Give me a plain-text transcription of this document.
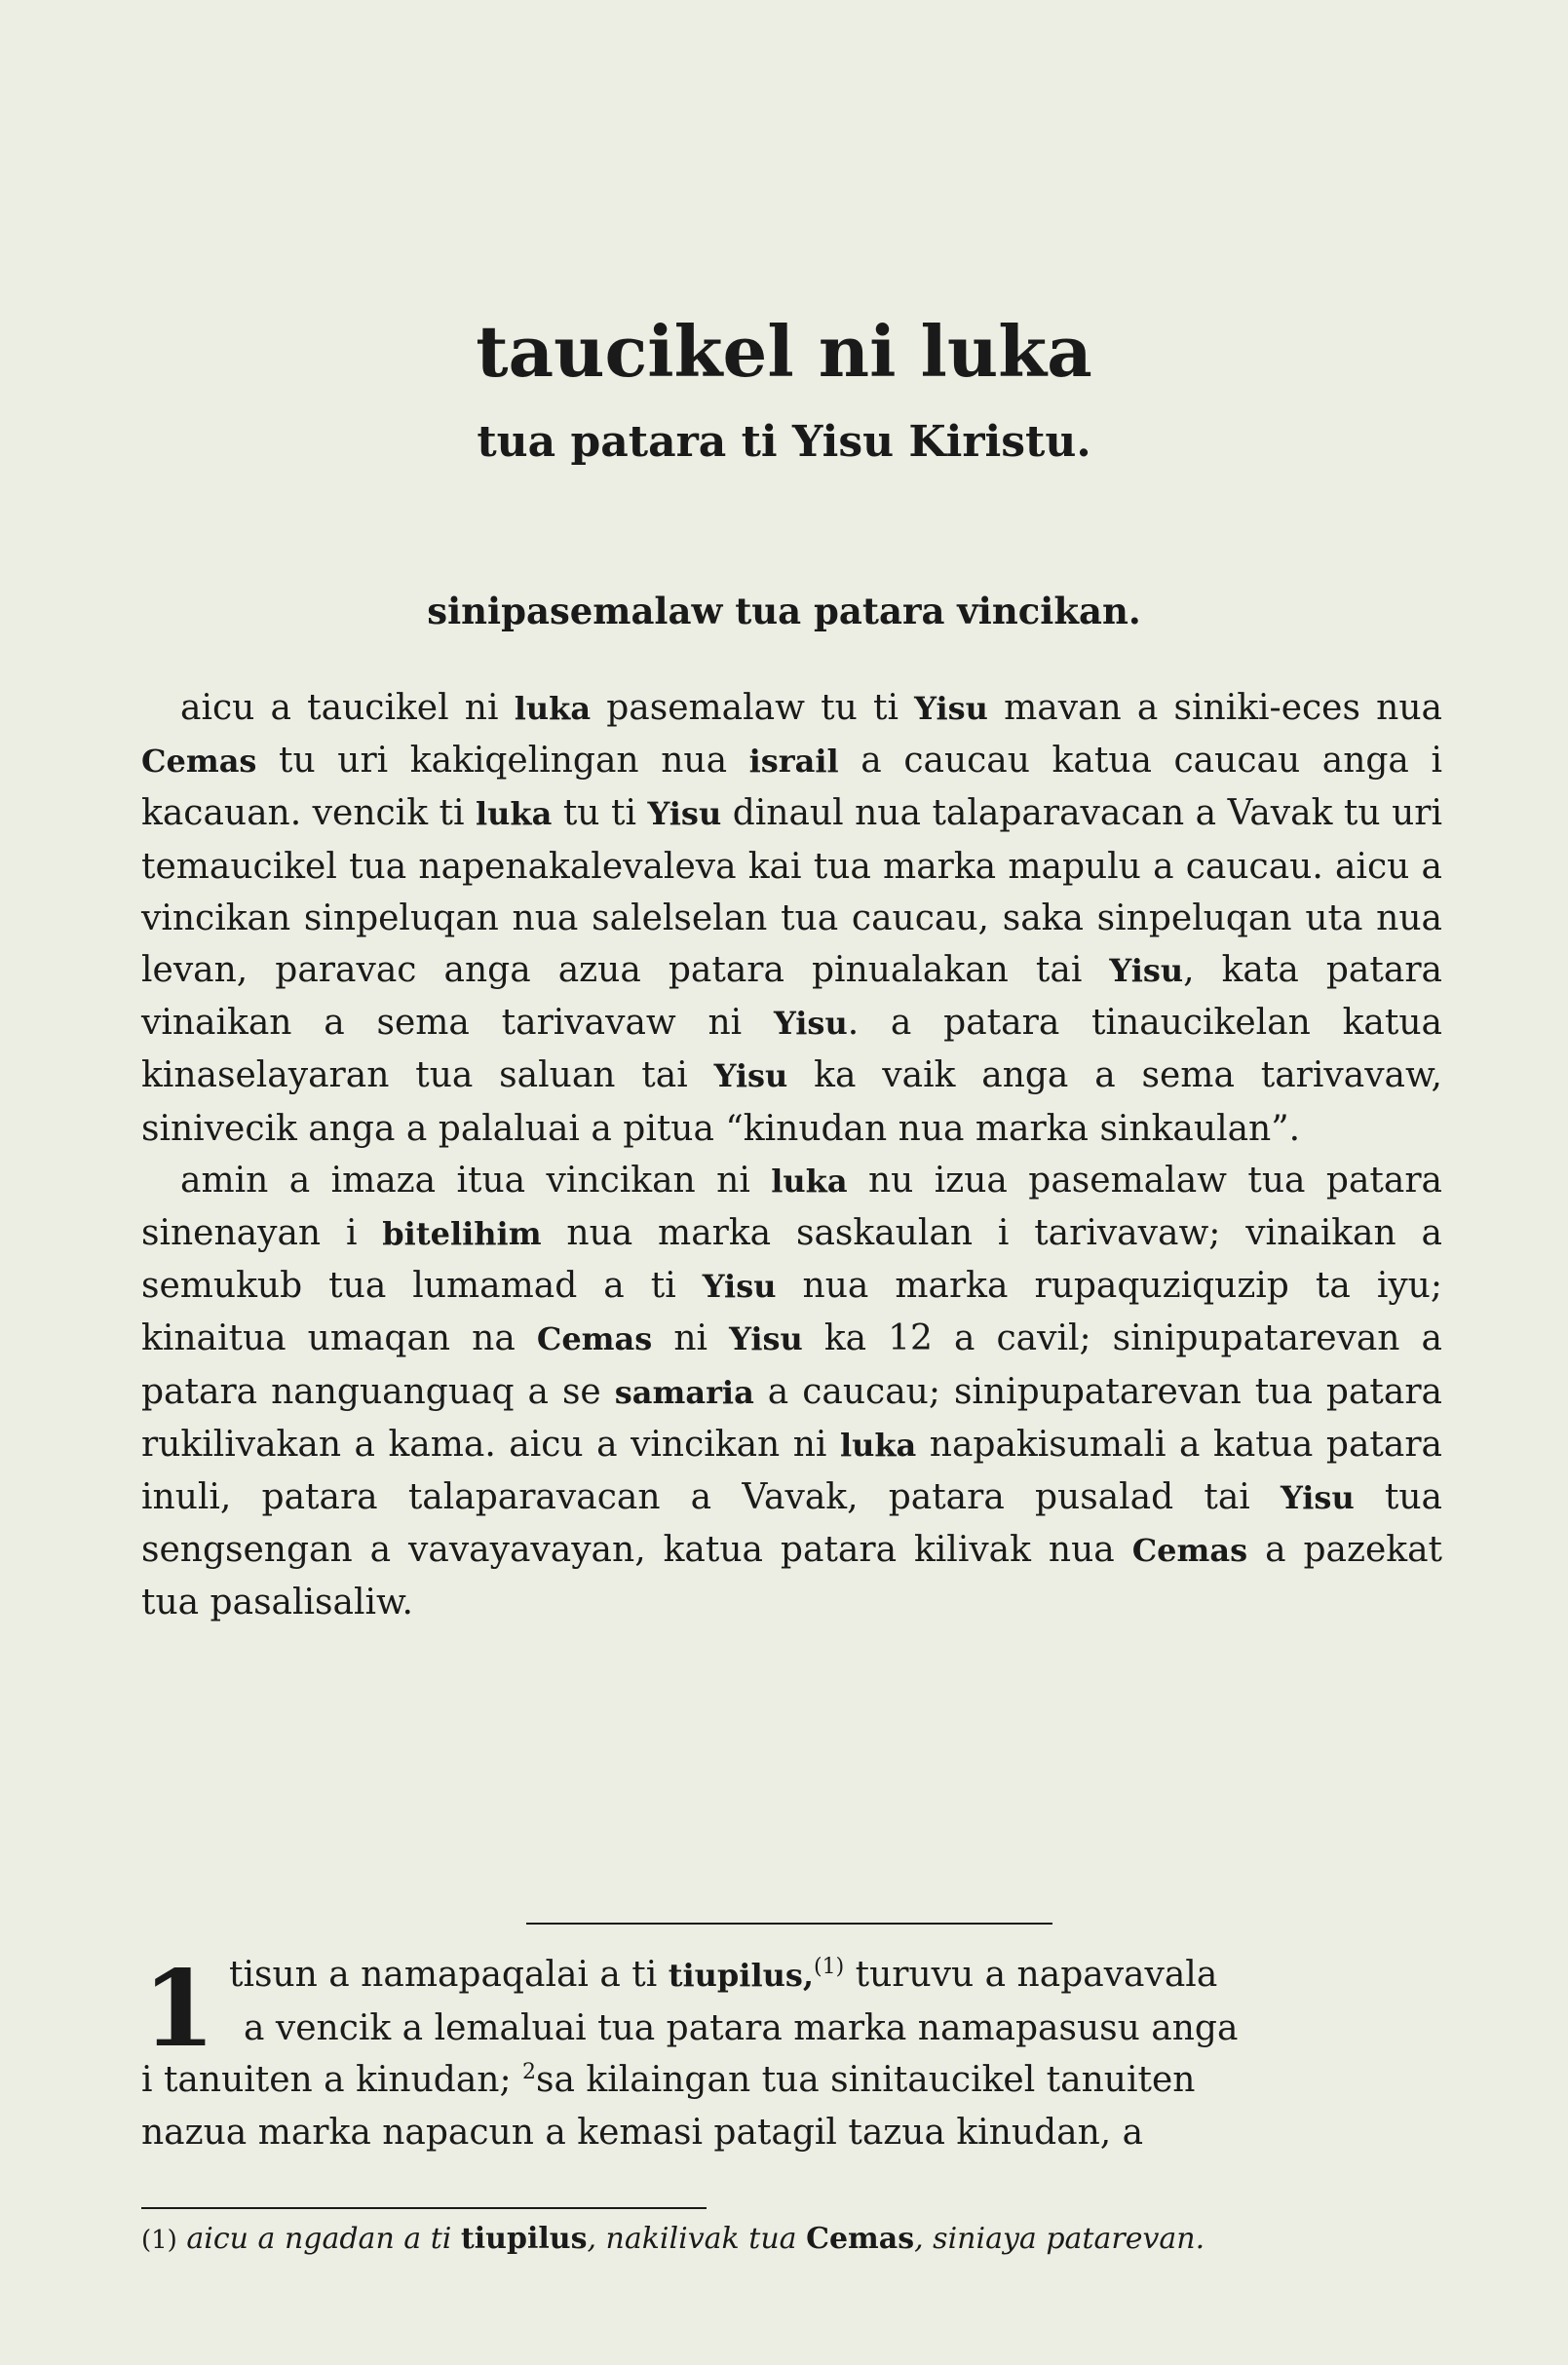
taucikel ni luka
tua patara ti Yisu Kiristu.
sinipasemalaw tua patara vincikan.

aicu a taucikel ni luka pasemalaw tu ti Yisu mavan a siniki-eces nua Cemas tu uri kakiqelingan nua israil a caucau katua caucau anga i kacauan. vencik ti luka tu ti Yisu dinaul nua talaparavacan a Vavak tu uri temaucikel tua napenakalevaleva kai tua marka mapulu a caucau. aicu a vincikan sinpeluqan nua salelselan tua caucau, saka sinpeluqan uta nua levan, paravac anga azua patara pinualakan tai Yisu, kata patara vinaikan a sema tarivavaw ni Yisu. a patara tinaucikelan katua kinaselayaran tua saluan tai Yisu ka vaik anga a sema tarivavaw, sinivecik anga a palaluai a pitua “kinudan nua marka sinkaulan”.

amin a imaza itua vincikan ni luka nu izua pasemalaw tua patara sinenayan i bitelihim nua marka saskaulan i tarivavaw; vinaikan a semukub tua lumamad a ti Yisu nua marka rupaquziquzip ta iyu; kinaitua umaqan na Cemas ni Yisu ka 12 a cavil; sinipupatarevan a patara nanguanguaq a se samaria a caucau; sinipupatarevan tua patara rukilivakan a kama. aicu a vincikan ni luka napakisumali a katua patara inuli, patara talaparavacan a Vavak, patara pusalad tai Yisu tua sengsengan a vavayavayan, katua patara kilivak nua Cemas a pazekat tua pasalisaliw.

1 tisun a namapaqalai a ti tiupilus,$^{(1)}$ turuvu a napavavala
a vencik a lemaluai tua patara marka namapasusu anga
i tanuiten a kinudan; $^2$sa kilaingan tua sinitaucikel tanuiten
nazua marka napacun a kemasi patagil tazua kinudan, a
(1) aicu a ngadan a ti tiupilus, nakilivak tua Cemas, siniaya patarevan.
